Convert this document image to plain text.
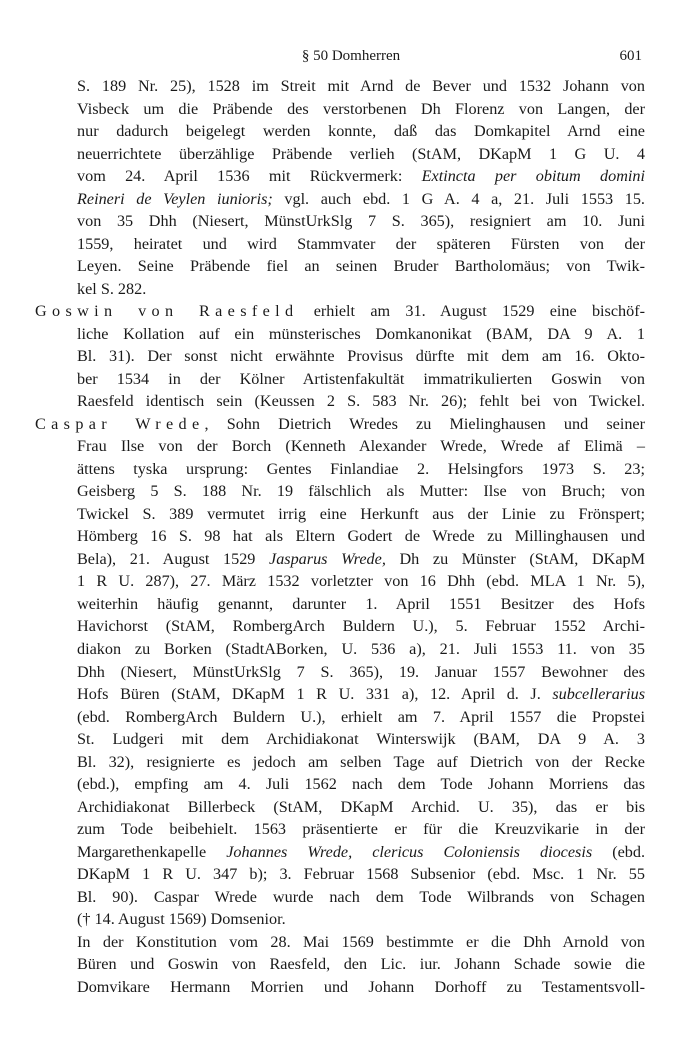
§ 50 Domherren	601
S. 189 Nr. 25), 1528 im Streit mit Arnd de Bever und 1532 Johann von
Visbeck um die Präbende des verstorbenen Dh Florenz von Langen, der
nur dadurch beigelegt werden konnte, daß das Domkapitel Arnd eine
neuerrichtete überzählige Präbende verlieh (StAM, DKapM 1 G U. 4
vom 24. April 1536 mit Rückvermerk: Extincta per obitum domini
Reineri de Veylen iunioris; vgl. auch ebd. 1 G A. 4 a, 21. Juli 1553 15.
von 35 Dhh (Niesert, MünstUrkSlg 7 S. 365), resigniert am 10. Juni
1559, heiratet und wird Stammvater der späteren Fürsten von der
Leyen. Seine Präbende fiel an seinen Bruder Bartholomäus; von Twik-
kel S. 282.
Goswin von Raesfeld erhielt am 31. August 1529 eine bischöf-
liche Kollation auf ein münsterisches Domkanonikat (BAM, DA 9 A. 1
Bl. 31). Der sonst nicht erwähnte Provisus dürfte mit dem am 16. Okto-
ber 1534 in der Kölner Artistenfakultät immatrikulierten Goswin von
Raesfeld identisch sein (Keussen 2 S. 583 Nr. 26); fehlt bei von Twickel.
Caspar Wrede, Sohn Dietrich Wredes zu Mielinghausen und seiner
Frau Ilse von der Borch (Kenneth Alexander Wrede, Wrede af Elimä –
ättens tyska ursprung: Gentes Finlandiae 2. Helsingfors 1973 S. 23;
Geisberg 5 S. 188 Nr. 19 fälschlich als Mutter: Ilse von Bruch; von
Twickel S. 389 vermutet irrig eine Herkunft aus der Linie zu Frönspert;
Hömberg 16 S. 98 hat als Eltern Godert de Wrede zu Millinghausen und
Bela), 21. August 1529 Jasparus Wrede, Dh zu Münster (StAM, DKapM
1 R U. 287), 27. März 1532 vorletzter von 16 Dhh (ebd. MLA 1 Nr. 5),
weiterhin häufig genannt, darunter 1. April 1551 Besitzer des Hofs
Havichorst (StAM, RombergArch Buldern U.), 5. Februar 1552 Archi-
diakon zu Borken (StadtABorken, U. 536 a), 21. Juli 1553 11. von 35
Dhh (Niesert, MünstUrkSlg 7 S. 365), 19. Januar 1557 Bewohner des
Hofs Büren (StAM, DKapM 1 R U. 331 a), 12. April d. J. subcellerarius
(ebd. RombergArch Buldern U.), erhielt am 7. April 1557 die Propstei
St. Ludgeri mit dem Archidiakonat Winterswijk (BAM, DA 9 A. 3
Bl. 32), resignierte es jedoch am selben Tage auf Dietrich von der Recke
(ebd.), empfing am 4. Juli 1562 nach dem Tode Johann Morriens das
Archidiakonat Billerbeck (StAM, DKapM Archid. U. 35), das er bis
zum Tode beibehielt. 1563 präsentierte er für die Kreuzvikarie in der
Margarethenkapelle Johannes Wrede, clericus Coloniensis diocesis (ebd.
DKapM 1 R U. 347 b); 3. Februar 1568 Subsenior (ebd. Msc. 1 Nr. 55
Bl. 90). Caspar Wrede wurde nach dem Tode Wilbrands von Schagen
(† 14. August 1569) Domsenior.
In der Konstitution vom 28. Mai 1569 bestimmte er die Dhh Arnold von
Büren und Goswin von Raesfeld, den Lic. iur. Johann Schade sowie die
Domvikare Hermann Morrien und Johann Dorhoff zu Testamentsvoll-
